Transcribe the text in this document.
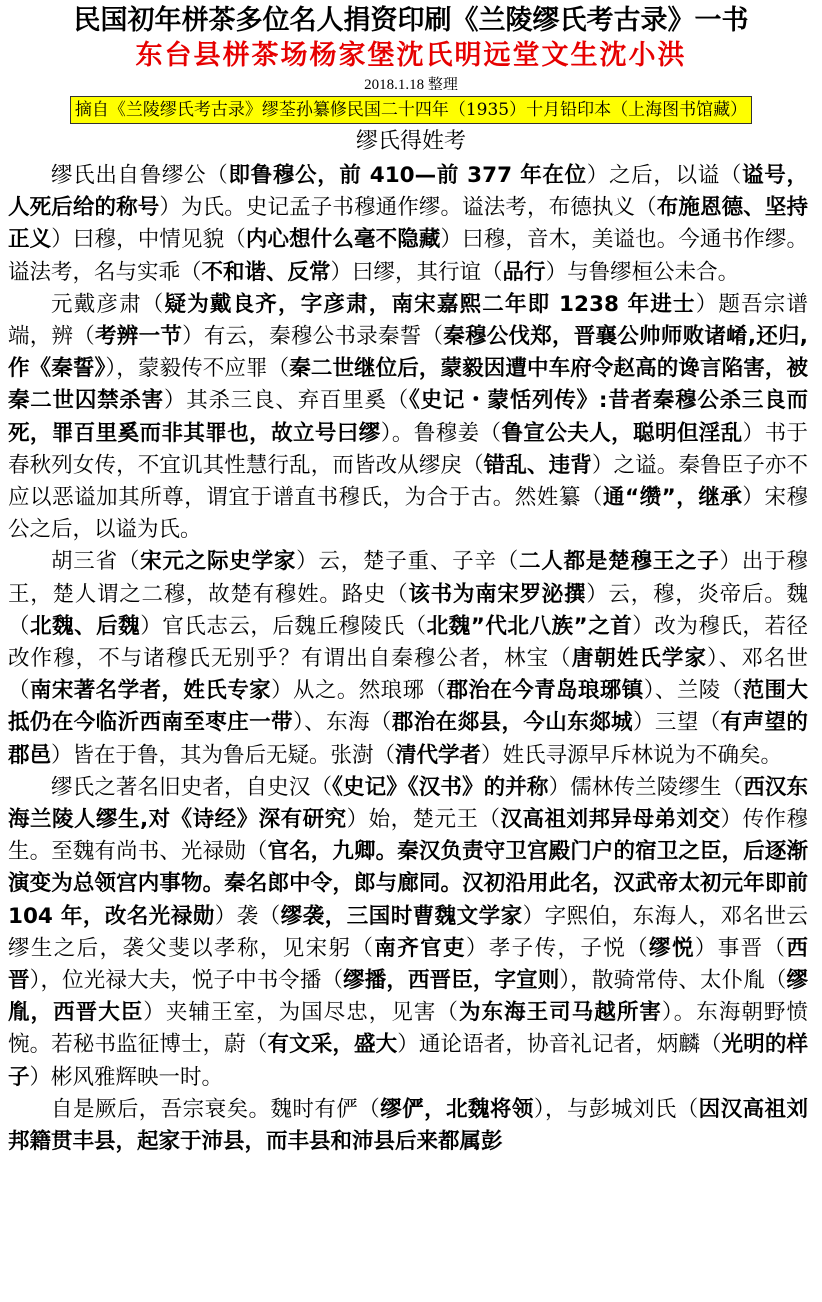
民国初年栟茶多位名人捐资印刷《兰陵缪氏考古录》一书
东台县栟茶场杨家堡沈氏明远堂文生沈小洪
2018.1.18 整理
摘自《兰陵缪氏考古录》缪荃孙纂修民国二十四年（1935）十月铅印本（上海图书馆藏）
缪氏得姓考

缪氏出自鲁缪公（即鲁穆公，前 410—前 377 年在位）之后，以谥（谥号，人死后给的称号）为氏。史记孟子书穆通作缪。谥法考，布德执义（布施恩德、坚持正义）曰穆，中情见貌（内心想什么毫不隐藏）曰穆，音木，美谥也。今通书作缪。谥法考，名与实乖（不和谐、反常）曰缪，其行谊（品行）与鲁缪桓公未合。

元戴彦肃（疑为戴良齐，字彦肃，南宋嘉熙二年即 1238 年进士）题吾宗谱端，辨（考辨一节）有云，秦穆公书录秦誓（秦穆公伐郑，晋襄公帅师败诸崤,还归,作《秦誓》），蒙毅传不应罪（秦二世继位后，蒙毅因遭中车府令赵高的谗言陷害，被秦二世囚禁杀害）其杀三良、弃百里奚（《史记・蒙恬列传》:昔者秦穆公杀三良而死，罪百里奚而非其罪也，故立号曰缪）。鲁穆姜（鲁宣公夫人，聪明但淫乱）书于春秋列女传，不宜讥其性慧行乱，而皆改从缪戾（错乱、违背）之谥。秦鲁臣子亦不应以恶谥加其所尊，谓宜于谱直书穆氏，为合于古。然姓纂（通“缵”，继承）宋穆公之后，以谥为氏。

胡三省（宋元之际史学家）云，楚子重、子辛（二人都是楚穆王之子）出于穆王，楚人谓之二穆，故楚有穆姓。路史（该书为南宋罗泌撰）云，穆，炎帝后。魏（北魏、后魏）官氏志云，后魏丘穆陵氏（北魏”代北八族”之首）改为穆氏，若径改作穆，不与诸穆氏无别乎？有谓出自秦穆公者，林宝（唐朝姓氏学家）、邓名世（南宋著名学者，姓氏专家）从之。然琅琊（郡治在今青岛琅琊镇）、兰陵（范围大抵仍在今临沂西南至枣庄一带）、东海（郡治在郯县，今山东郯城）三望（有声望的郡邑）皆在于鲁，其为鲁后无疑。张澍（清代学者）姓氏寻源早斥林说为不确矣。

缪氏之著名旧史者，自史汉（《史记》《汉书》的并称）儒林传兰陵缪生（西汉东海兰陵人缪生,对《诗经》深有研究）始，楚元王（汉高祖刘邦异母弟刘交）传作穆生。至魏有尚书、光禄勋（官名，九卿。秦汉负责守卫宫殿门户的宿卫之臣，后逐渐演变为总领宫内事物。秦名郎中令，郎与廊同。汉初沿用此名，汉武帝太初元年即前 104 年，改名光禄勋）袭（缪袭，三国时曹魏文学家）字熙伯，东海人，邓名世云缪生之后，袭父斐以孝称，见宋躬（南齐官吏）孝子传，子悦（缪悦）事晋（西晋），位光禄大夫，悦子中书令播（缪播，西晋臣，字宣则），散骑常侍、太仆胤（缪胤，西晋大臣）夹辅王室，为国尽忠，见害（为东海王司马越所害）。东海朝野愤惋。若秘书监征博士，蔚（有文采，盛大）通论语者，协音礼记者，炳麟（光明的样子）彬风雅辉映一时。

自是厥后，吾宗衰矣。魏时有俨（缪俨，北魏将领），与彭城刘氏（因汉高祖刘邦籍贯丰县，起家于沛县，而丰县和沛县后来都属彭
